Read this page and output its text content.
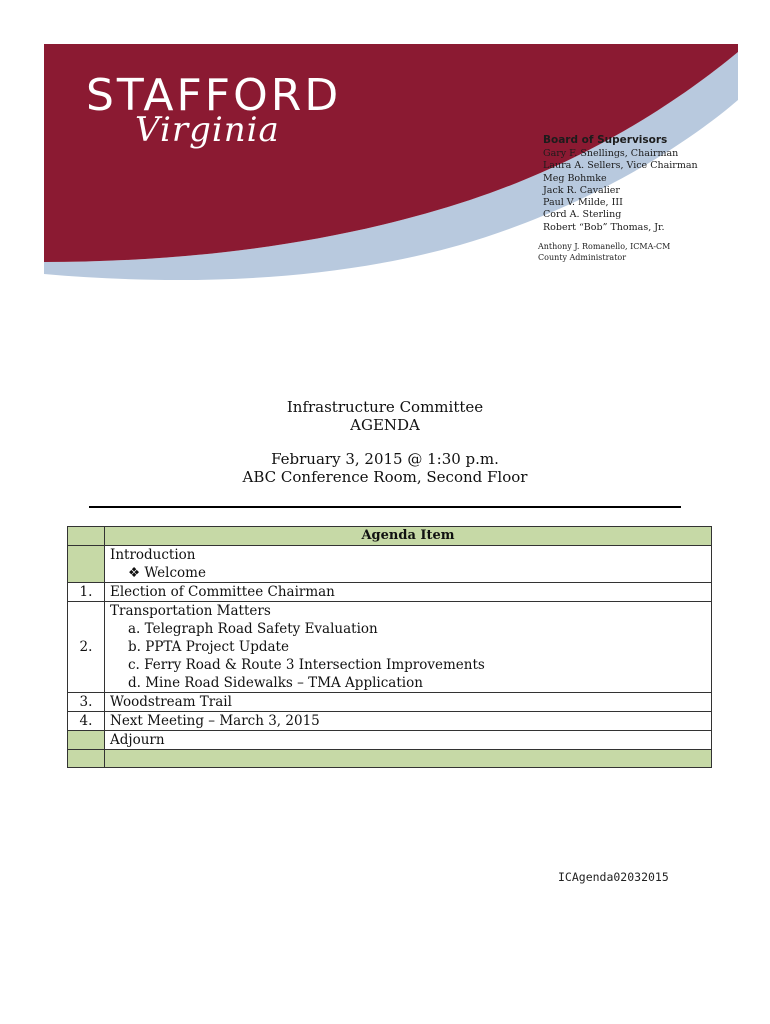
STAFFORD
Virginia	Board of Supervisors
Gary F. Snellings, Chairman
Laura A. Sellers, Vice Chairman
Meg Bohmke
Jack R. Cavalier
Paul V. Milde, III
Cord A. Sterling
Robert “Bob” Thomas, Jr.
Anthony J. Romanello, ICMA-CM
County Administrator
Infrastructure Committee
AGENDA
February 3, 2015 @ 1:30 p.m.
ABC Conference Room, Second Floor
	Agenda Item

	Introduction
❖ Welcome

1.	Election of Committee Chairman
2.	Transportation Matters
a. Telegraph Road Safety Evaluation
b. PPTA Project Update
c. Ferry Road & Route 3 Intersection Improvements
d. Mine Road Sidewalks – TMA Application

3.	Woodstream Trail
4.	Next Meeting – March 3, 2015
	Adjourn

ICAgenda02032015
